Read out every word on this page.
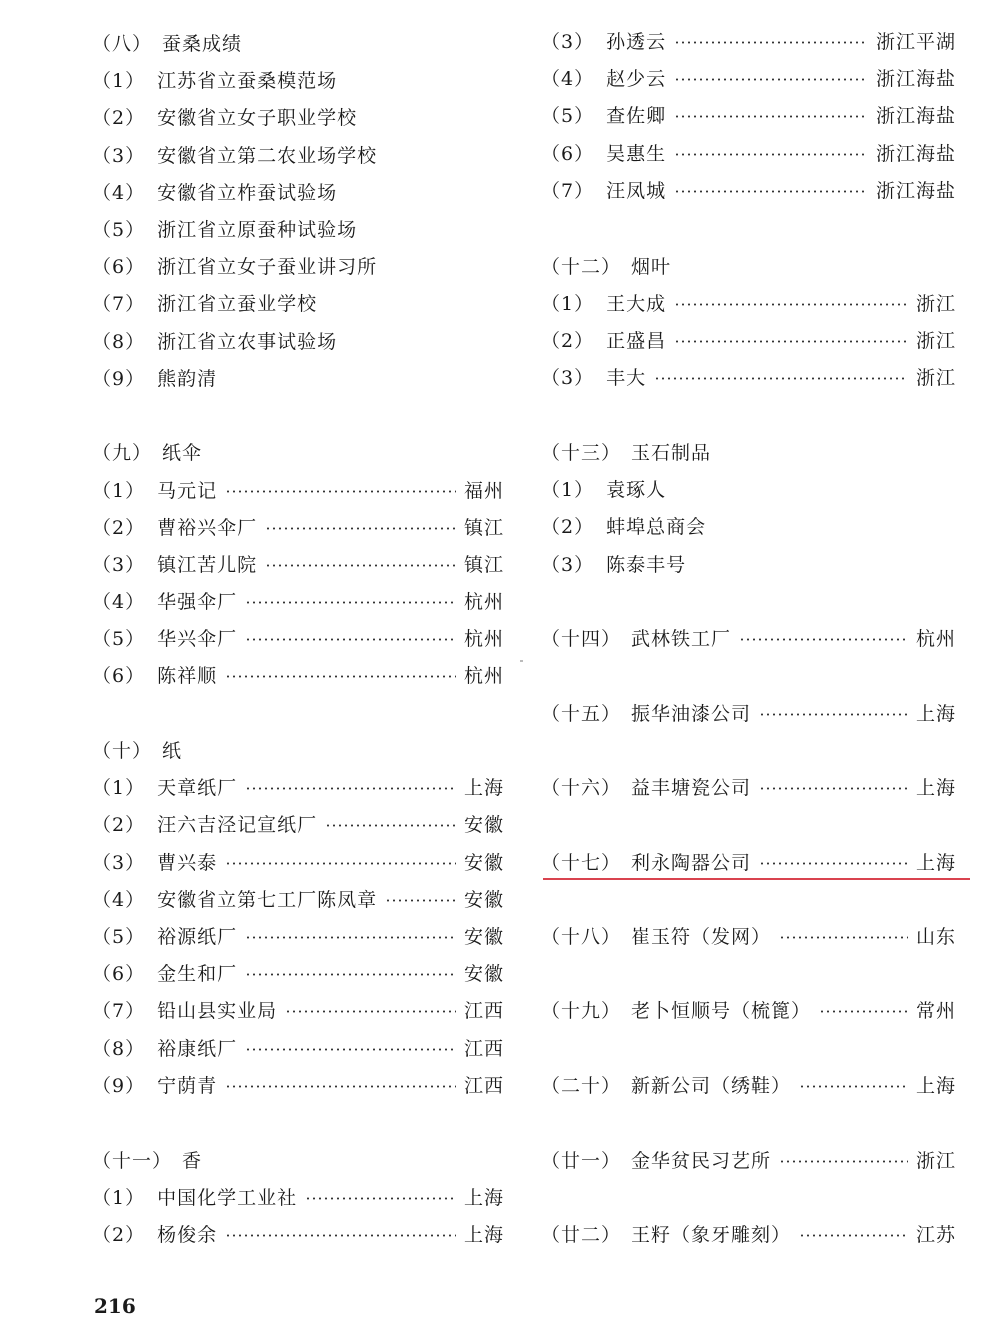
（八） 蚕桑成绩
（1） 江苏省立蚕桑模范场
（2） 安徽省立女子职业学校
（3） 安徽省立第二农业场学校
（4） 安徽省立柞蚕试验场
（5） 浙江省立原蚕种试验场
（6） 浙江省立女子蚕业讲习所
（7） 浙江省立蚕业学校
（8） 浙江省立农事试验场
（9） 熊韵清
（九） 纸伞
（1） 马元记	福州
（2） 曹裕兴伞厂	镇江
（3） 镇江苦儿院	镇江
（4） 华强伞厂	杭州
（5） 华兴伞厂	杭州
（6） 陈祥顺	杭州
（十） 纸
（1） 天章纸厂	上海
（2） 汪六吉泾记宣纸厂	安徽
（3） 曹兴泰	安徽
（4） 安徽省立第七工厂陈凤章	安徽
（5） 裕源纸厂	安徽
（6） 金生和厂	安徽
（7） 铅山县实业局	江西
（8） 裕康纸厂	江西
（9） 宁荫青	江西
（十一） 香
（1） 中国化学工业社	上海
（2） 杨俊余	上海
（3） 孙透云	浙江平湖
（4） 赵少云	浙江海盐
（5） 查佐卿	浙江海盐
（6） 吴惠生	浙江海盐
（7） 汪凤城	浙江海盐
（十二） 烟叶
（1） 王大成	浙江
（2） 正盛昌	浙江
（3） 丰大	浙江
（十三） 玉石制品
（1） 袁琢人
（2） 蚌埠总商会
（3） 陈泰丰号
（十四） 武林铁工厂	杭州
（十五） 振华油漆公司	上海
（十六） 益丰塘瓷公司	上海
（十七） 利永陶器公司	上海
（十八） 崔玉符（发网）	山东
（十九） 老卜恒顺号（梳篦）	常州
（二十） 新新公司（绣鞋）	上海
（廿一） 金华贫民习艺所	浙江
（廿二） 王籽（象牙雕刻）	江苏
216
